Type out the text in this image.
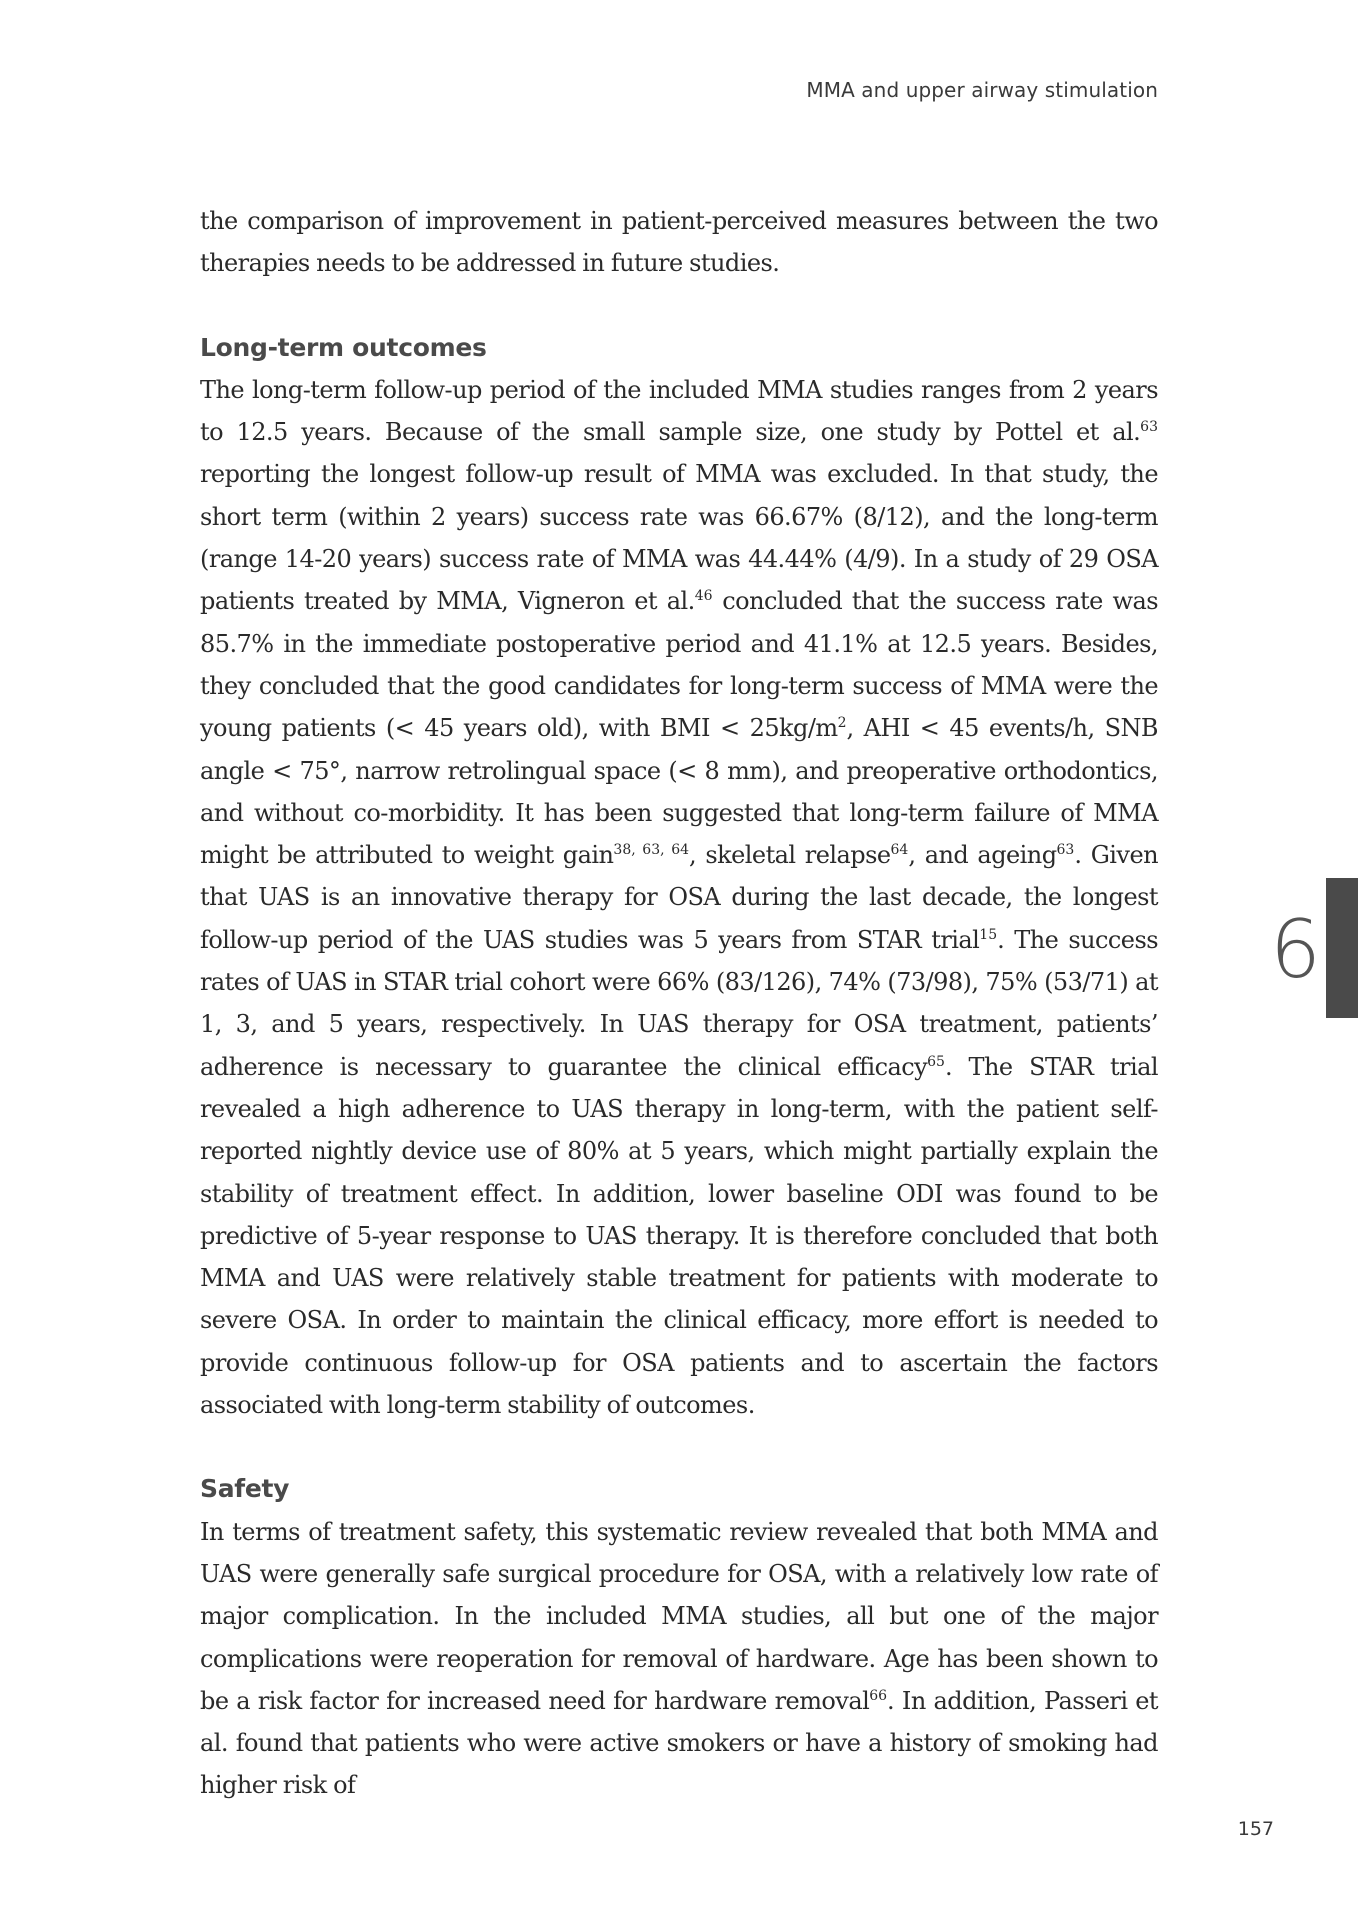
MMA and upper airway stimulation

the comparison of improvement in patient-perceived measures between the two therapies needs to be addressed in future studies.

Long-term outcomes

The long-term follow-up period of the included MMA studies ranges from 2 years to 12.5 years. Because of the small sample size, one study by Pottel et al.$^{63}$ reporting the longest follow-up result of MMA was excluded. In that study, the short term (within 2 years) success rate was 66.67% (8/12), and the long-term (range 14-20 years) success rate of MMA was 44.44% (4/9). In a study of 29 OSA patients treated by MMA, Vigneron et al.$^{46}$ concluded that the success rate was 85.7% in the immediate postoperative period and 41.1% at 12.5 years. Besides, they concluded that the good candidates for long-term success of MMA were the young patients (< 45 years old), with BMI < $25kg/m^2$, AHI < 45 events/h, SNB angle < 75°, narrow retrolingual space (< 8 mm), and preoperative orthodontics, and without co-morbidity. It has been suggested that long-term failure of MMA might be attributed to weight gain$^{38, 63, 64}$, skeletal relapse$^{64}$, and ageing$^{63}$. Given that UAS is an innovative therapy for OSA during the last decade, the longest follow-up period of the UAS studies was 5 years from STAR trial$^{15}$. The success rates of UAS in STAR trial cohort were 66% (83/126), 74% (73/98), 75% (53/71) at 1, 3, and 5 years, respectively. In UAS therapy for OSA treatment, patients’ adherence is necessary to guarantee the clinical efficacy$^{65}$. The STAR trial revealed a high adherence to UAS therapy in long-term, with the patient self-reported nightly device use of 80% at 5 years, which might partially explain the stability of treatment effect. In addition, lower baseline ODI was found to be predictive of 5-year response to UAS therapy. It is therefore concluded that both MMA and UAS were relatively stable treatment for patients with moderate to severe OSA. In order to maintain the clinical efficacy, more effort is needed to provide continuous follow-up for OSA patients and to ascertain the factors associated with long-term stability of outcomes.

Safety

In terms of treatment safety, this systematic review revealed that both MMA and UAS were generally safe surgical procedure for OSA, with a relatively low rate of major complication. In the included MMA studies, all but one of the major complications were reoperation for removal of hardware. Age has been shown to be a risk factor for increased need for hardware removal$^{66}$. In addition, Passeri et al. found that patients who were active smokers or have a history of smoking had higher risk of

6
157
